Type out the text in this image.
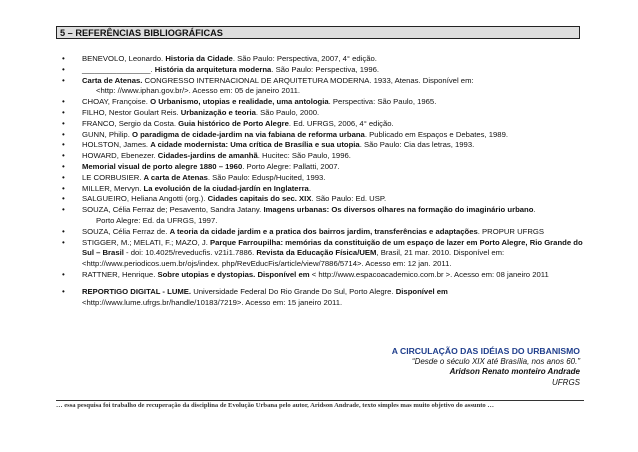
5 – REFERÊNCIAS BIBLIOGRÁFICAS
• BENEVOLO, Leonardo. Historia da Cidade. São Paulo: Perspectiva, 2007, 4° edição.
• ________________. História da arquitetura moderna. São Paulo: Perspectiva, 1996.
• Carta de Atenas. CONGRESSO INTERNACIONAL DE ARQUITETURA MODERNA. 1933, Atenas. Disponível em:
<http: //www.iphan.gov.br/>. Acesso em: 05 de janeiro 2011.
• CHOAY, Françoise. O Urbanismo, utopias e realidade, uma antologia. Perspectiva: São Paulo, 1965.
• FILHO, Nestor Goulart Reis. Urbanização e teoria. São Paulo, 2000.
• FRANCO, Sergio da Costa. Guia histórico de Porto Alegre. Ed. UFRGS, 2006, 4° edição.
• GUNN, Philip. O paradigma de cidade-jardim na via fabiana de reforma urbana. Publicado em Espaços e Debates, 1989.
• HOLSTON, James. A cidade modernista: Uma crítica de Brasília e sua utopia. São Paulo: Cia das letras, 1993.
• HOWARD, Ebenezer. Cidades-jardins de amanhã. Hucitec: São Paulo, 1996.
• Memorial visual de porto alegre 1880 – 1960. Porto Alegre: Pallatti, 2007.
• LE CORBUSIER. A carta de Atenas. São Paulo: Edusp/Hucited, 1993.
• MILLER, Mervyn. La evolución de la ciudad-jardín en Inglaterra.
• SALGUEIRO, Heliana Angotti (org.). Cidades capitais do sec. XIX. São Paulo: Ed. USP.
• SOUZA, Célia Ferraz de; Pesavento, Sandra Jatany. Imagens urbanas: Os diversos olhares na formação do imaginário urbano.
Porto Alegre: Ed. da UFRGS, 1997.
• SOUZA, Célia Ferraz de. A teoria da cidade jardim e a pratica dos bairros jardim, transferências e adaptações. PROPUR UFRGS
• STIGGER, M.; MELATI, F.; MAZO, J. Parque Farroupilha: memórias da constituição de um espaço de lazer em Porto Alegre, Rio Grande do Sul – Brasil - doi: 10.4025/reveducfis. v21i1.7886. Revista da Educação Física/UEM, Brasil, 21 mar. 2010. Disponível em: <http://www.periodicos.uem.br/ojs/index. php/RevEducFis/article/view/7886/5714>. Acesso em: 12 jan. 2011.
• RATTNER, Henrique. Sobre utopias e dystopias. Disponível em < http://www.espacoacademico.com.br >. Acesso em: 08 janeiro 2011
• REPORTIGO DIGITAL - LUME. Universidade Federal Do Rio Grande Do Sul, Porto Alegre. Disponível em <http://www.lume.ufrgs.br/handle/10183/7219>. Acesso em: 15 janeiro 2011.
A CIRCULAÇÃO DAS IDÉIAS DO URBANISMO
“Desde o século XIX até Brasília, nos anos 60.”
Aridson Renato monteiro Andrade
UFRGS
… essa pesquisa foi trabalho de recuperação da disciplina de Evolução Urbana pelo autor, Aridson Andrade, texto simples mas muito objetivo do assunto …
